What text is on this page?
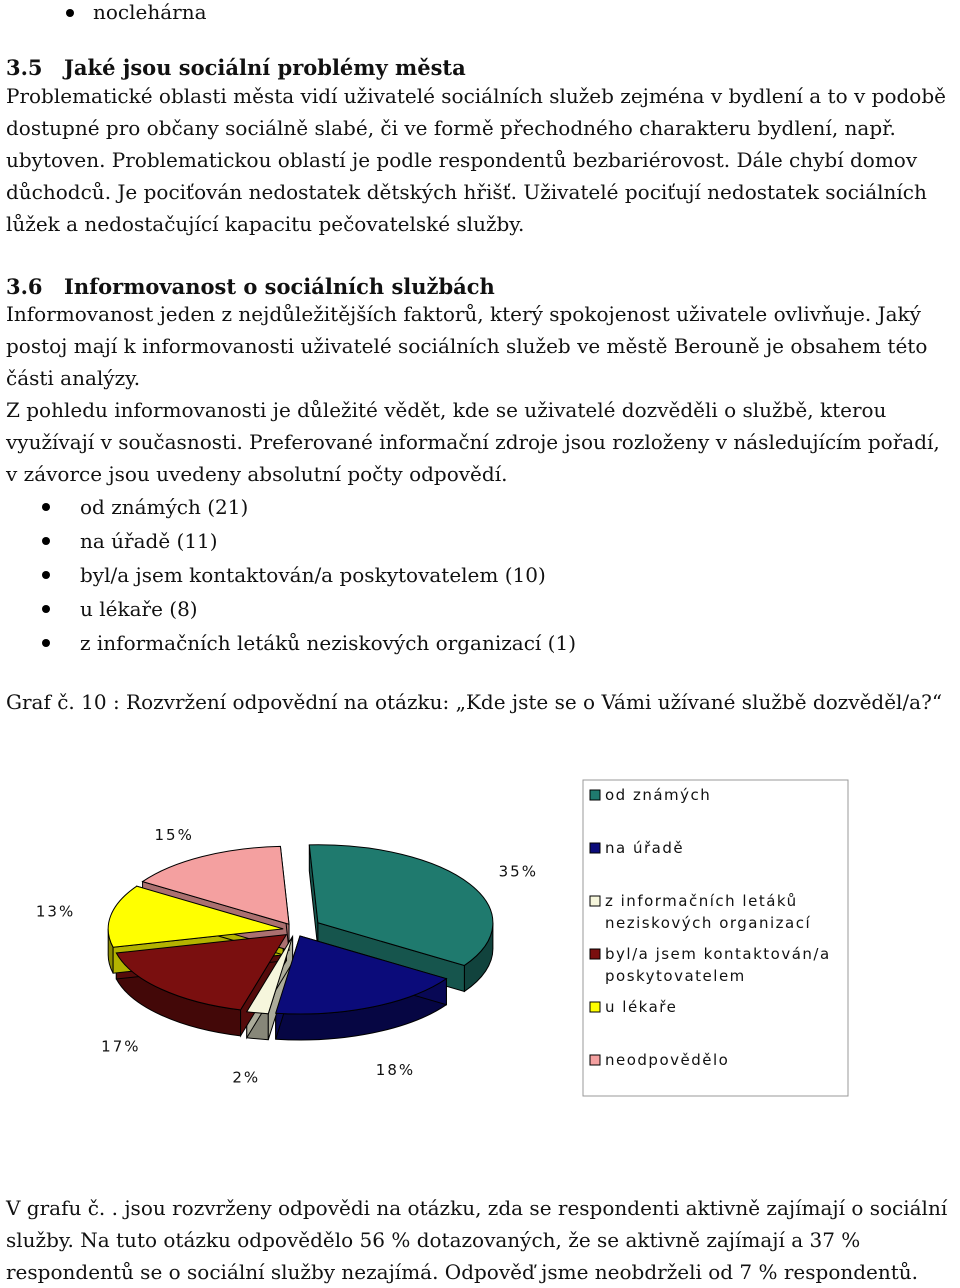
noclehárna
3.5 Jaké jsou sociální problémy města
Problematické oblasti města vidí uživatelé sociálních služeb zejména v bydlení a to v podobě
dostupné pro občany sociálně slabé, či ve formě přechodného charakteru bydlení, např.
ubytoven. Problematickou oblastí je podle respondentů bezbariérovost. Dále chybí domov
důchodců. Je pociťován nedostatek dětských hřišť. Uživatelé pociťují nedostatek sociálních
lůžek a nedostačující kapacitu pečovatelské služby.
3.6 Informovanost o sociálních službách
Informovanost jeden z nejdůležitějších faktorů, který spokojenost uživatele ovlivňuje. Jaký
postoj mají k informovanosti uživatelé sociálních služeb ve městě Berouně je obsahem této
části analýzy.
Z pohledu informovanosti je důležité vědět, kde se uživatelé dozvěděli o službě, kterou
využívají v současnosti. Preferované informační zdroje jsou rozloženy v následujícím pořadí,
v závorce jsou uvedeny absolutní počty odpovědí.
od známých (21)
na úřadě (11)
byl/a jsem kontaktován/a poskytovatelem (10)
u lékaře (8)
z informačních letáků neziskových organizací (1)
Graf č. 10 : Rozvržení odpovědní na otázku: „Kde jste se o Vámi užívané službě dozvěděl/a?“
35%
18%
2%
17%
13%
15%
od známých
na úřadě
z informačních letáků
neziskových organizací
byl/a jsem kontaktován/a
poskytovatelem
u lékaře
neodpovědělo
V grafu č. . jsou rozvrženy odpovědi na otázku, zda se respondenti aktivně zajímají o sociální
služby. Na tuto otázku odpovědělo 56 % dotazovaných, že se aktivně zajímají a 37 %
respondentů se o sociální služby nezajímá. Odpověď jsme neobdrželi od 7 % respondentů.
